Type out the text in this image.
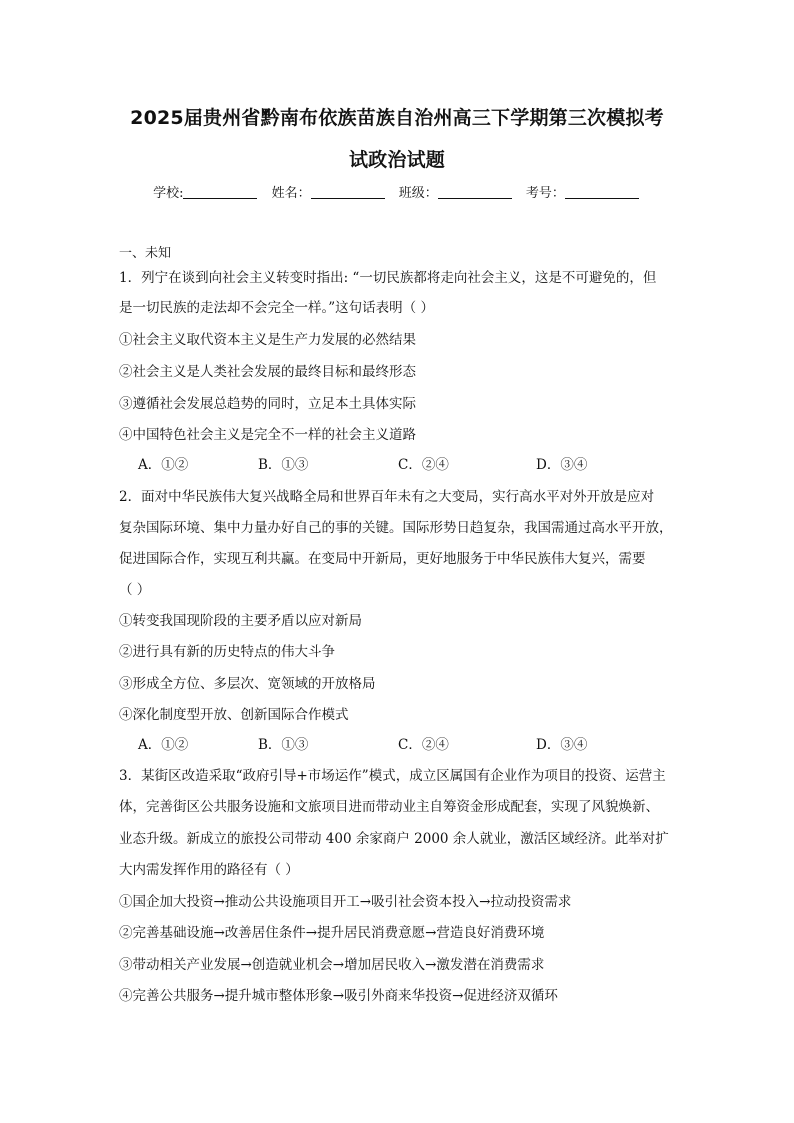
2025届贵州省黔南布依族苗族自治州高三下学期第三次模拟考
试政治试题
学校:	姓名：	班级：	考号：
一、未知
1．列宁在谈到向社会主义转变时指出: “一切民族都将走向社会主义，这是不可避免的，但
是一切民族的走法却不会完全一样。”这句话表明（ ）
①社会主义取代资本主义是生产力发展的必然结果
②社会主义是人类社会发展的最终目标和最终形态
③遵循社会发展总趋势的同时，立足本土具体实际
④中国特色社会主义是完全不一样的社会主义道路
A．①②	B．①③	C．②④	D．③④
2．面对中华民族伟大复兴战略全局和世界百年未有之大变局，实行高水平对外开放是应对
复杂国际环境、集中力量办好自己的事的关键。国际形势日趋复杂，我国需通过高水平开放，
促进国际合作，实现互利共赢。在变局中开新局，更好地服务于中华民族伟大复兴，需要
（ ）
①转变我国现阶段的主要矛盾以应对新局
②进行具有新的历史特点的伟大斗争
③形成全方位、多层次、宽领域的开放格局
④深化制度型开放、创新国际合作模式
A．①②	B．①③	C．②④	D．③④
3．某街区改造采取“政府引导+市场运作”模式，成立区属国有企业作为项目的投资、运营主
体，完善街区公共服务设施和文旅项目进而带动业主自筹资金形成配套，实现了风貌焕新、
业态升级。新成立的旅投公司带动 400 余家商户 2000 余人就业，激活区域经济。此举对扩
大内需发挥作用的路径有（ ）
①国企加大投资→推动公共设施项目开工→吸引社会资本投入→拉动投资需求
②完善基础设施→改善居住条件→提升居民消费意愿→营造良好消费环境
③带动相关产业发展→创造就业机会→增加居民收入→激发潜在消费需求
④完善公共服务→提升城市整体形象→吸引外商来华投资→促进经济双循环
